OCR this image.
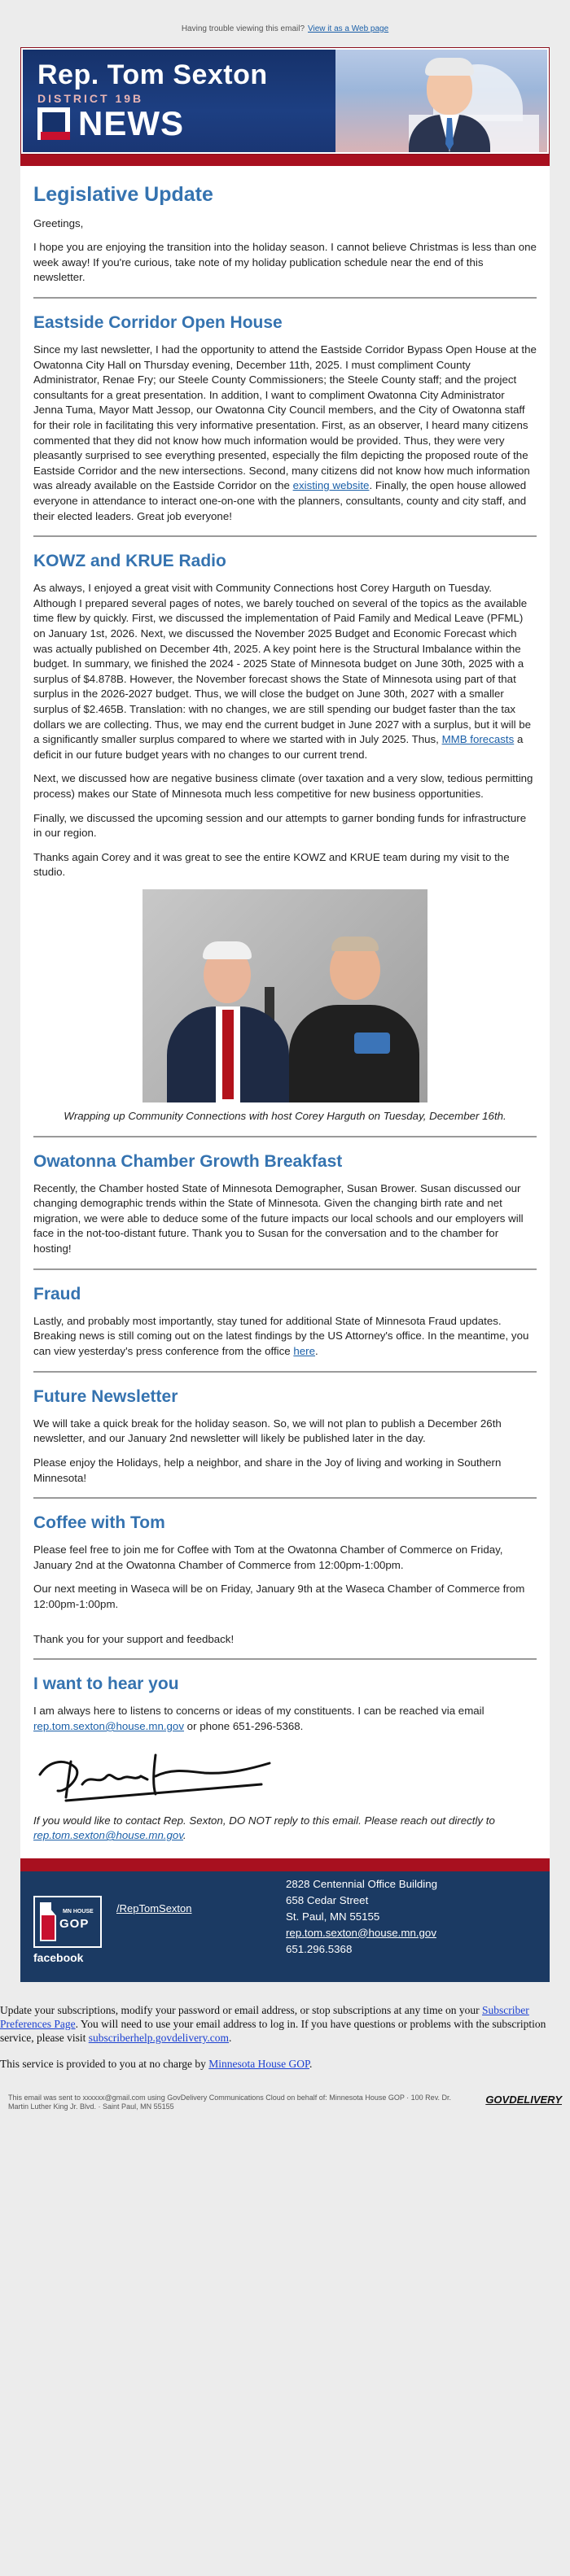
Having trouble viewing this email? View it as a Web page
Rep. Tom Sexton
DISTRICT 19B
NEWS
Legislative Update

Greetings,

I hope you are enjoying the transition into the holiday season. I cannot believe Christmas is less than one week away! If you're curious, take note of my holiday publication schedule near the end of this newsletter.

Eastside Corridor Open House

Since my last newsletter, I had the opportunity to attend the Eastside Corridor Bypass Open House at the Owatonna City Hall on Thursday evening, December 11th, 2025. I must compliment County Administrator, Renae Fry; our Steele County Commissioners; the Steele County staff; and the project consultants for a great presentation. In addition, I want to compliment Owatonna City Administrator Jenna Tuma, Mayor Matt Jessop, our Owatonna City Council members, and the City of Owatonna staff for their role in facilitating this very informative presentation. First, as an observer, I heard many citizens commented that they did not know how much information would be provided. Thus, they were very pleasantly surprised to see everything presented, especially the film depicting the proposed route of the Eastside Corridor and the new intersections. Second, many citizens did not know how much information was already available on the Eastside Corridor on the existing website. Finally, the open house allowed everyone in attendance to interact one-on-one with the planners, consultants, county and city staff, and their elected leaders. Great job everyone!

KOWZ and KRUE Radio

As always, I enjoyed a great visit with Community Connections host Corey Harguth on Tuesday. Although I prepared several pages of notes, we barely touched on several of the topics as the available time flew by quickly. First, we discussed the implementation of Paid Family and Medical Leave (PFML) on January 1st, 2026. Next, we discussed the November 2025 Budget and Economic Forecast which was actually published on December 4th, 2025. A key point here is the Structural Imbalance within the budget. In summary, we finished the 2024 - 2025 State of Minnesota budget on June 30th, 2025 with a surplus of $4.878B. However, the November forecast shows the State of Minnesota using part of that surplus in the 2026-2027 budget. Thus, we will close the budget on June 30th, 2027 with a smaller surplus of $2.465B. Translation: with no changes, we are still spending our budget faster than the tax dollars we are collecting. Thus, we may end the current budget in June 2027 with a surplus, but it will be a significantly smaller surplus compared to where we started with in July 2025. Thus, MMB forecasts a deficit in our future budget years with no changes to our current trend.

Next, we discussed how are negative business climate (over taxation and a very slow, tedious permitting process) makes our State of Minnesota much less competitive for new business opportunities.

Finally, we discussed the upcoming session and our attempts to garner bonding funds for infrastructure in our region.

Thanks again Corey and it was great to see the entire KOWZ and KRUE team during my visit to the studio.

Wrapping up Community Connections with host Corey Harguth on Tuesday, December 16th.

Owatonna Chamber Growth Breakfast

Recently, the Chamber hosted State of Minnesota Demographer, Susan Brower. Susan discussed our changing demographic trends within the State of Minnesota. Given the changing birth rate and net migration, we were able to deduce some of the future impacts our local schools and our employers will face in the not-too-distant future. Thank you to Susan for the conversation and to the chamber for hosting!

Fraud

Lastly, and probably most importantly, stay tuned for additional State of Minnesota Fraud updates. Breaking news is still coming out on the latest findings by the US Attorney's office. In the meantime, you can view yesterday's press conference from the office here.

Future Newsletter

We will take a quick break for the holiday season. So, we will not plan to publish a December 26th newsletter, and our January 2nd newsletter will likely be published later in the day.

Please enjoy the Holidays, help a neighbor, and share in the Joy of living and working in Southern Minnesota!

Coffee with Tom

Please feel free to join me for Coffee with Tom at the Owatonna Chamber of Commerce on Friday, January 2nd at the Owatonna Chamber of Commerce from 12:00pm-1:00pm.

Our next meeting in Waseca will be on Friday, January 9th at the Waseca Chamber of Commerce from 12:00pm-1:00pm.

Thank you for your support and feedback!

I want to hear you

I am always here to listens to concerns or ideas of my constituents. I can be reached via email rep.tom.sexton@house.mn.gov or phone 651-296-5368.

If you would like to contact Rep. Sexton, DO NOT reply to this email. Please reach out directly to rep.tom.sexton@house.mn.gov.

MN HOUSE
GOP
facebook
/RepTomSexton
2828 Centennial Office Building
658 Cedar Street
St. Paul, MN 55155
rep.tom.sexton@house.mn.gov
651.296.5368

Update your subscriptions, modify your password or email address, or stop subscriptions at any time on your Subscriber Preferences Page. You will need to use your email address to log in. If you have questions or problems with the subscription service, please visit subscriberhelp.govdelivery.com.

This service is provided to you at no charge by Minnesota House GOP.

This email was sent to xxxxxx@gmail.com using GovDelivery Communications Cloud on behalf of: Minnesota House GOP · 100 Rev. Dr. Martin Luther King Jr. Blvd. · Saint Paul, MN 55155
GOVDELIVERY
